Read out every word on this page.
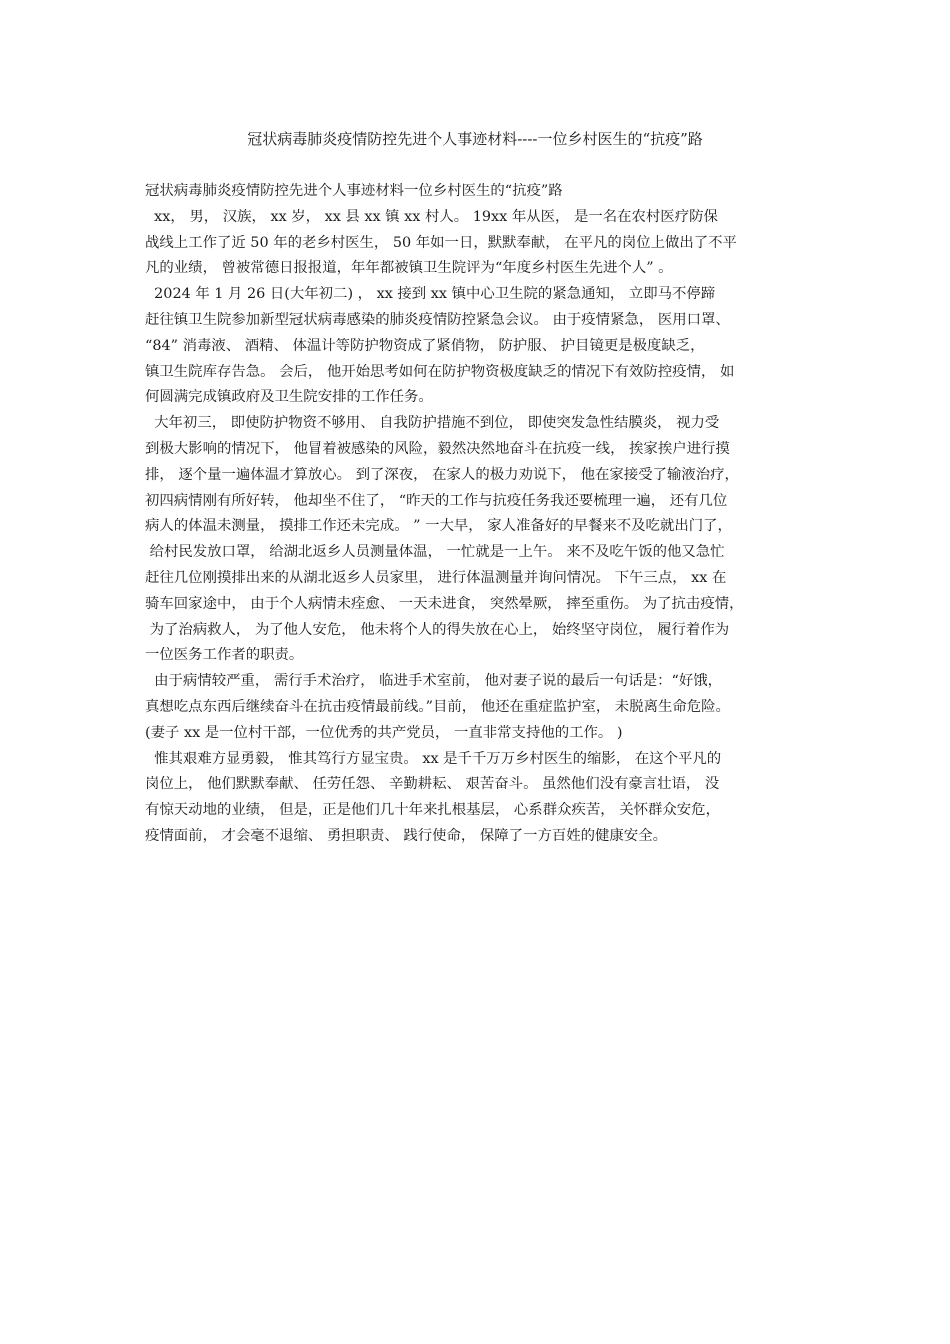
冠状病毒肺炎疫情防控先进个人事迹材料----一位乡村医生的“抗疫”路
冠状病毒肺炎疫情防控先进个人事迹材料一位乡村医生的“抗疫”路
xx， 男， 汉族， xx 岁， xx 县 xx 镇 xx 村人。 19xx 年从医， 是一名在农村医疗防保
战线上工作了近 50 年的老乡村医生， 50 年如一日，默默奉献， 在平凡的岗位上做出了不平
凡的业绩， 曾被常德日报报道，年年都被镇卫生院评为“年度乡村医生先进个人” 。
2024 年 1 月 26 日(大年初二) ， xx 接到 xx 镇中心卫生院的紧急通知， 立即马不停蹄
赶往镇卫生院参加新型冠状病毒感染的肺炎疫情防控紧急会议。 由于疫情紧急， 医用口罩、
“84” 消毒液、 酒精、 体温计等防护物资成了紧俏物， 防护服、 护目镜更是极度缺乏，
镇卫生院库存告急。 会后， 他开始思考如何在防护物资极度缺乏的情况下有效防控疫情， 如
何圆满完成镇政府及卫生院安排的工作任务。
大年初三， 即使防护物资不够用、 自我防护措施不到位， 即使突发急性结膜炎， 视力受
到极大影响的情况下， 他冒着被感染的风险，毅然决然地奋斗在抗疫一线， 挨家挨户进行摸
排， 逐个量一遍体温才算放心。 到了深夜， 在家人的极力劝说下， 他在家接受了输液治疗，
初四病情刚有所好转， 他却坐不住了， “昨天的工作与抗疫任务我还要梳理一遍， 还有几位
病人的体温未测量， 摸排工作还未完成。 ” 一大早， 家人准备好的早餐来不及吃就出门了，
给村民发放口罩， 给湖北返乡人员测量体温， 一忙就是一上午。 来不及吃午饭的他又急忙
赶往几位刚摸排出来的从湖北返乡人员家里， 进行体温测量并询问情况。 下午三点， xx 在
骑车回家途中， 由于个人病情未痊愈、 一天未进食， 突然晕厥， 摔至重伤。 为了抗击疫情，
为了治病救人， 为了他人安危， 他未将个人的得失放在心上， 始终坚守岗位， 履行着作为
一位医务工作者的职责。
由于病情较严重， 需行手术治疗， 临进手术室前， 他对妻子说的最后一句话是：“好饿，
真想吃点东西后继续奋斗在抗击疫情最前线。”目前， 他还在重症监护室， 未脱离生命危险。
(妻子 xx 是一位村干部，一位优秀的共产党员， 一直非常支持他的工作。 )
惟其艰难方显勇毅， 惟其笃行方显宝贵。 xx 是千千万万乡村医生的缩影， 在这个平凡的
岗位上， 他们默默奉献、 任劳任怨、 辛勤耕耘、 艰苦奋斗。 虽然他们没有豪言壮语， 没
有惊天动地的业绩， 但是，正是他们几十年来扎根基层， 心系群众疾苦， 关怀群众安危，
疫情面前， 才会毫不退缩、 勇担职责、 践行使命， 保障了一方百姓的健康安全。
